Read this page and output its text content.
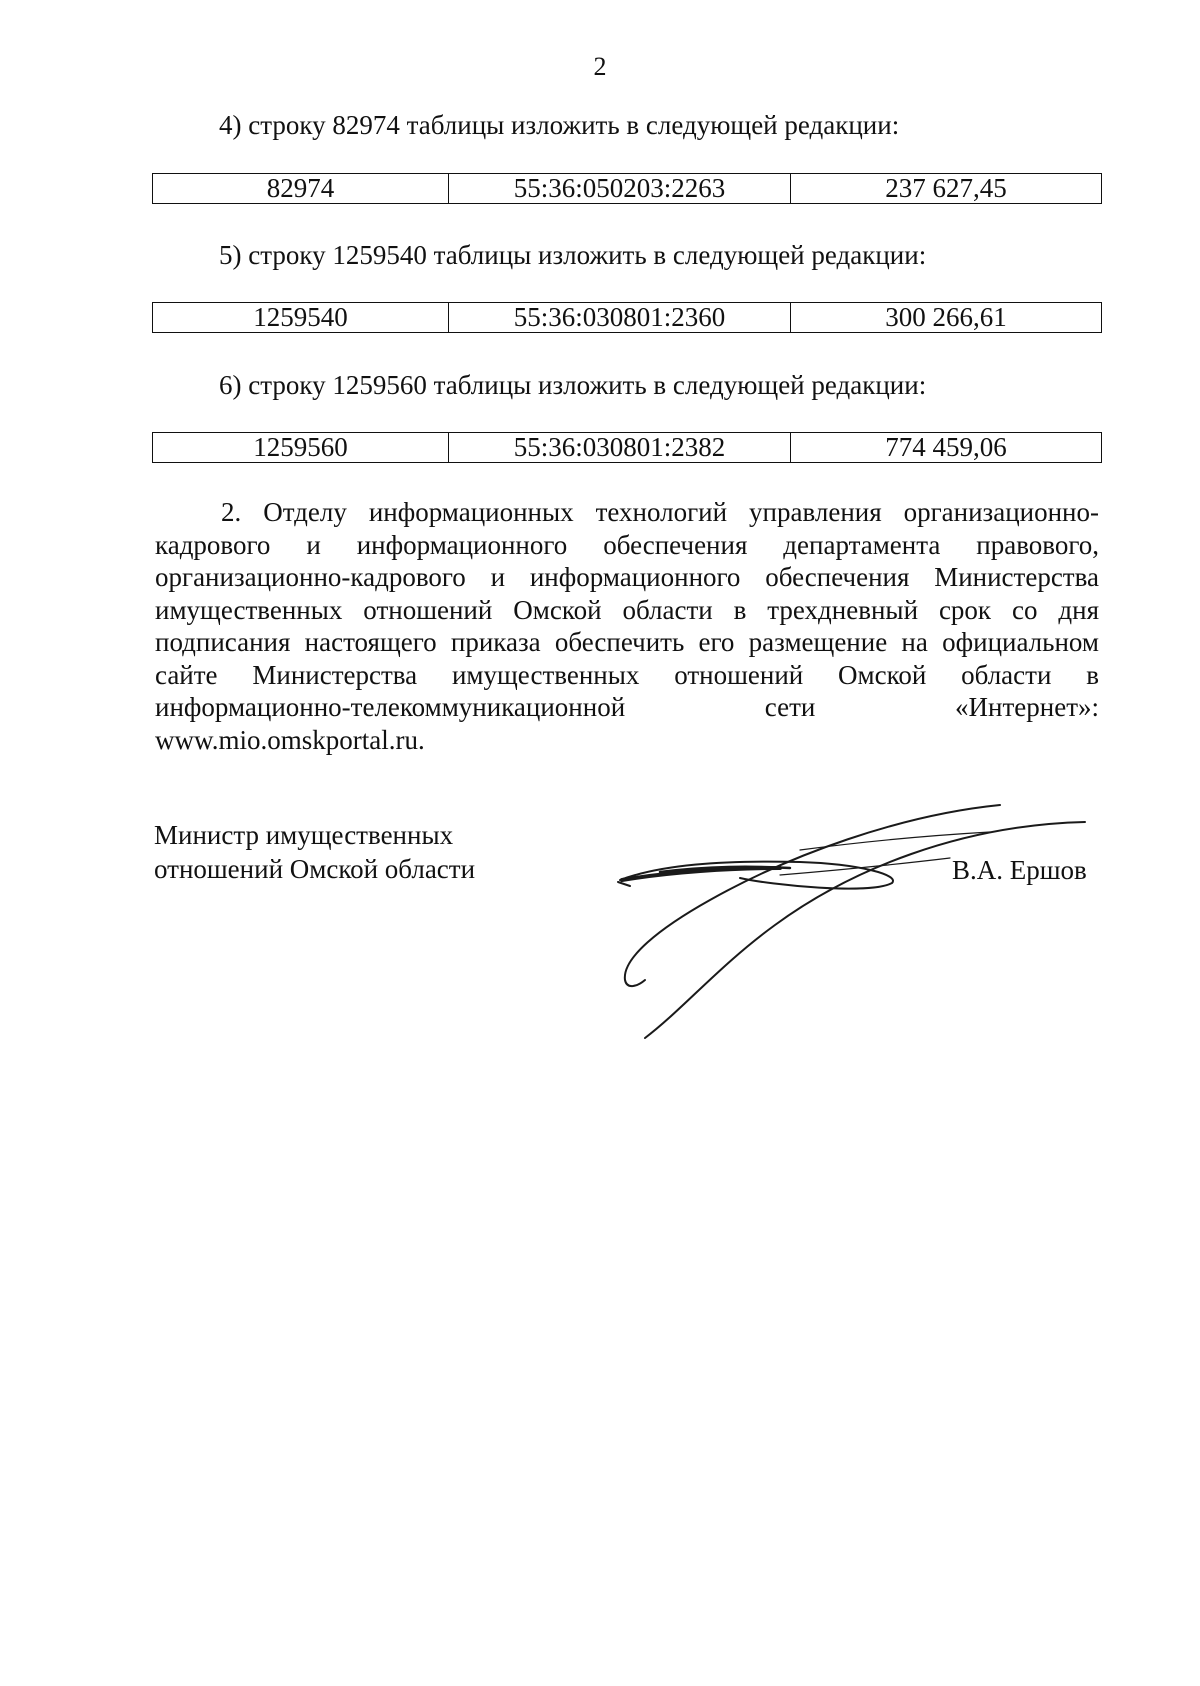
2
4) строку 82974 таблицы изложить в следующей редакции:
82974	55:36:050203:2263	237 627,45
5) строку 1259540 таблицы изложить в следующей редакции:
1259540	55:36:030801:2360	300 266,61
6) строку 1259560 таблицы изложить в следующей редакции:
1259560	55:36:030801:2382	774 459,06

2. Отделу информационных технологий управления организационно-кадрового и информационного обеспечения департамента правового, организационно-кадрового и информационного обеспечения Министерства имущественных отношений Омской области в трехдневный срок со дня подписания настоящего приказа обеспечить его размещение на официальном сайте Министерства имущественных отношений Омской области в информационно-телекоммуникационной сети «Интернет»: www.mio.omskportal.ru.

Министр имущественных
отношений Омской области	В.А. Ершов
